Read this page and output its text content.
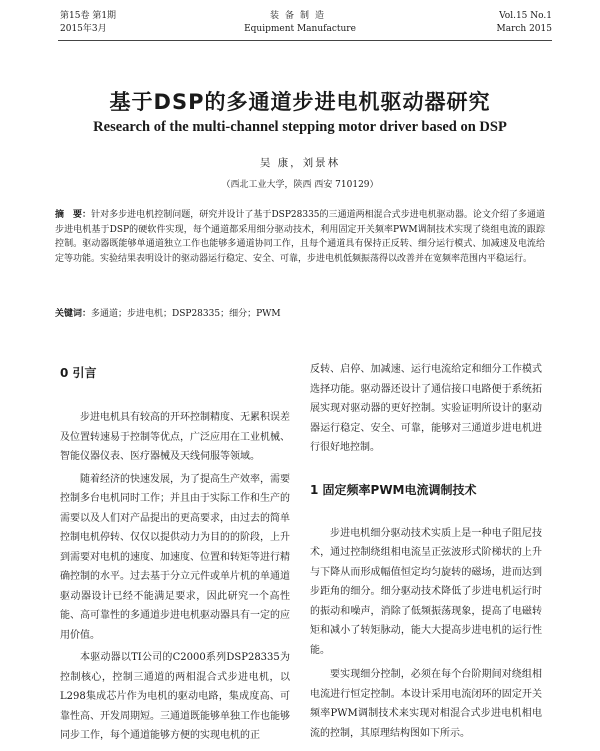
第15卷 第1期
2015年3月
装备制造
Equipment Manufacture
Vol.15 No.1
March 2015
基于DSP的多通道步进电机驱动器研究
Research of the multi-channel stepping motor driver based on DSP
吴 康，刘景林
（西北工业大学，陕西 西安 710129）
摘　要：针对多步进电机控制问题，研究并设计了基于DSP28335的三通道两相混合式步进电机驱动器。论文介绍了多通道步进电机基于DSP的硬软件实现，每个通道都采用细分驱动技术，利用固定开关频率PWM调制技术实现了绕组电流的跟踪控制。驱动器既能够单通道独立工作也能够多通道协同工作，且每个通道具有保持正反转、细分运行模式、加减速及电流给定等功能。实验结果表明设计的驱动器运行稳定、安全、可靠，步进电机低频振荡得以改善并在宽频率范围内平稳运行。
关键词：多通道；步进电机；DSP28335；细分；PWM
0 引言

步进电机具有较高的开环控制精度、无累积误差及位置转速易于控制等优点，广泛应用在工业机械、智能仪器仪表、医疗器械及天线伺服等领域。

随着经济的快速发展，为了提高生产效率，需要控制多台电机同时工作；并且由于实际工作和生产的需要以及人们对产品提出的更高要求，由过去的简单控制电机停转、仅仅以提供动力为目的的阶段，上升到需要对电机的速度、加速度、位置和转矩等进行精确控制的水平。过去基于分立元件或单片机的单通道驱动器设计已经不能满足要求，因此研究一个高性能、高可靠性的多通道步进电机驱动器具有一定的应用价值。

本驱动器以TI公司的C2000系列DSP28335为控制核心，控制三通道的两相混合式步进电机，以L298集成芯片作为电机的驱动电路，集成度高、可靠性高、开发周期短。三通道既能够单独工作也能够同步工作，每个通道能够方便的实现电机的正

反转、启停、加减速、运行电流给定和细分工作模式选择功能。驱动器还设计了通信接口电路便于系统拓展实现对驱动器的更好控制。实验证明所设计的驱动器运行稳定、安全、可靠，能够对三通道步进电机进行很好地控制。
1 固定频率PWM电流调制技术

步进电机细分驱动技术实质上是一种电子阻尼技术，通过控制绕组相电流呈正弦波形式阶梯状的上升与下降从而形成幅值恒定均匀旋转的磁场，进而达到步距角的细分。细分驱动技术降低了步进电机运行时的振动和噪声，消除了低频振荡现象，提高了电磁转矩和减小了转矩脉动，能大大提高步进电机的运行性能。

要实现细分控制，必须在每个台阶期间对绕组相电流进行恒定控制。本设计采用电流闭环的固定开关频率PWM调制技术来实现对相混合式步进电机相电流的控制，其原理结构图如下所示。
